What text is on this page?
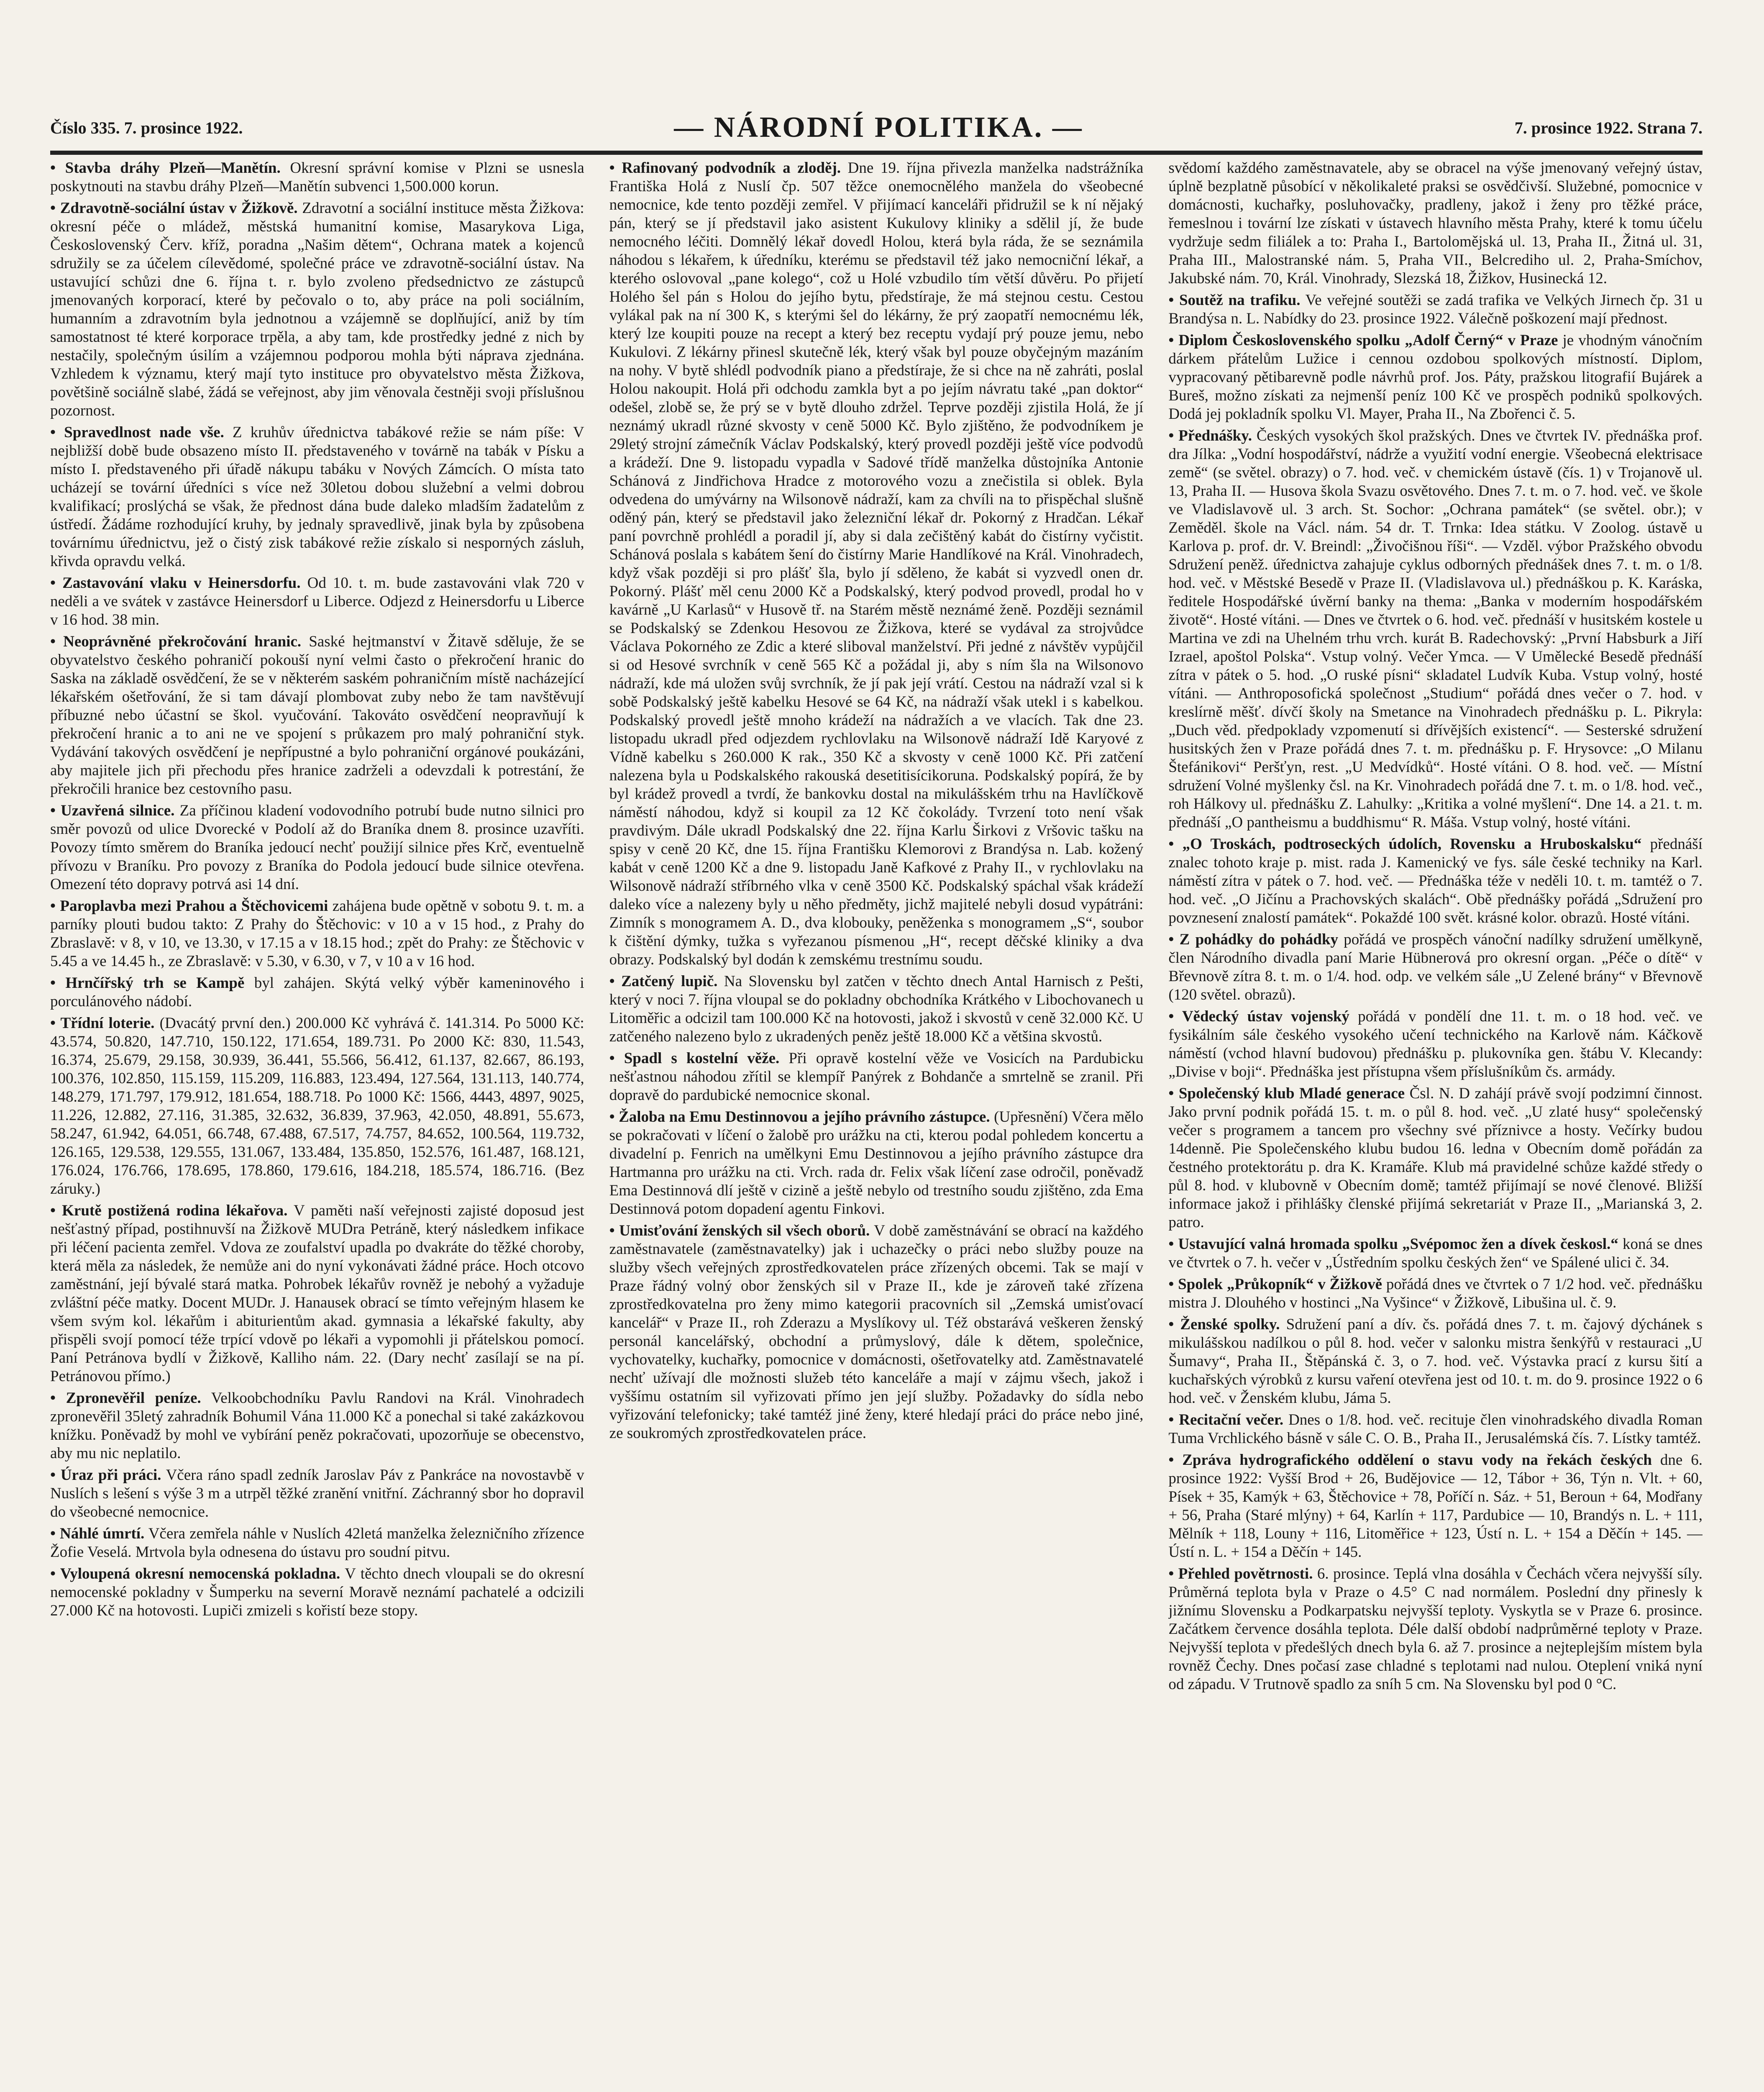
Číslo 335. 7. prosince 1922.	— NÁRODNÍ POLITIKA. —	7. prosince 1922. Strana 7.

• Stavba dráhy Plzeň—Manětín. Okresní správní komise v Plzni se usnesla poskytnouti na stavbu dráhy Plzeň—Manětín subvenci 1,500.000 korun.

• Zdravotně-sociální ústav v Žižkově. Zdravotní a sociální instituce města Žižkova: okresní péče o mládež, městská humanitní komise, Masarykova Liga, Československý Červ. kříž, poradna „Našim dětem“, Ochrana matek a kojenců sdružily se za účelem cílevědomé, společné práce ve zdravotně-sociální ústav. Na ustavující schůzi dne 6. října t. r. bylo zvoleno předsednictvo ze zástupců jmenovaných korporací, které by pečovalo o to, aby práce na poli sociálním, humanním a zdravotním byla jednotnou a vzájemně se doplňující, aniž by tím samostatnost té které korporace trpěla, a aby tam, kde prostředky jedné z nich by nestačily, společným úsilím a vzájemnou podporou mohla býti náprava zjednána. Vzhledem k významu, který mají tyto instituce pro obyvatelstvo města Žižkova, povětšině sociálně slabé, žádá se veřejnost, aby jim věnovala čestněji svoji příslušnou pozornost.

• Spravedlnost nade vše. Z kruhův úřednictva tabákové režie se nám píše: V nejbližší době bude obsazeno místo II. představeného v továrně na tabák v Písku a místo I. představeného při úřadě nákupu tabáku v Nových Zámcích. O místa tato ucházejí se tovární úředníci s více než 30letou dobou služební a velmi dobrou kvalifikací; proslýchá se však, že přednost dána bude daleko mladším žadatelům z ústředí. Žádáme rozhodující kruhy, by jednaly spravedlivě, jinak byla by způsobena továrnímu úřednictvu, jež o čistý zisk tabákové režie získalo si nesporných zásluh, křivda opravdu velká.

• Zastavování vlaku v Heinersdorfu. Od 10. t. m. bude zastavováni vlak 720 v neděli a ve svátek v zastávce Heinersdorf u Liberce. Odjezd z Heinersdorfu u Liberce v 16 hod. 38 min.

• Neoprávněné překročování hranic. Saské hejtmanství v Žitavě sděluje, že se obyvatelstvo českého pohraničí pokouší nyní velmi často o překročení hranic do Saska na základě osvědčení, že se v některém saském pohraničním místě nacházející lékařském ošetřování, že si tam dávají plombovat zuby nebo že tam navštěvují příbuzné nebo účastní se škol. vyučování. Takováto osvědčení neopravňují k překročení hranic a to ani ne ve spojení s průkazem pro malý pohraniční styk. Vydávání takových osvědčení je nepřípustné a bylo pohraniční orgánové poukázáni, aby majitele jich při přechodu přes hranice zadrželi a odevzdali k potrestání, že překročili hranice bez cestovního pasu.

• Uzavřená silnice. Za příčinou kladení vodovodního potrubí bude nutno silnici pro směr povozů od ulice Dvorecké v Podolí až do Braníka dnem 8. prosince uzavříti. Povozy tímto směrem do Braníka jedoucí nechť použijí silnice přes Krč, eventuelně přívozu v Braníku. Pro povozy z Braníka do Podola jedoucí bude silnice otevřena. Omezení této dopravy potrvá asi 14 dní.

• Paroplavba mezi Prahou a Štěchovicemi zahájena bude opětně v sobotu 9. t. m. a parníky plouti budou takto: Z Prahy do Štěchovic: v 10 a v 15 hod., z Prahy do Zbraslavě: v 8, v 10, ve 13.30, v 17.15 a v 18.15 hod.; zpět do Prahy: ze Štěchovic v 5.45 a ve 14.45 h., ze Zbraslavě: v 5.30, v 6.30, v 7, v 10 a v 16 hod.

• Hrnčířský trh se Kampě byl zahájen. Skýtá velký výběr kameninového i porculánového nádobí.

• Třídní loterie. (Dvacátý první den.) 200.000 Kč vyhrává č. 141.314. Po 5000 Kč: 43.574, 50.820, 147.710, 150.122, 171.654, 189.731. Po 2000 Kč: 830, 11.543, 16.374, 25.679, 29.158, 30.939, 36.441, 55.566, 56.412, 61.137, 82.667, 86.193, 100.376, 102.850, 115.159, 115.209, 116.883, 123.494, 127.564, 131.113, 140.774, 148.279, 171.797, 179.912, 181.654, 188.718. Po 1000 Kč: 1566, 4443, 4897, 9025, 11.226, 12.882, 27.116, 31.385, 32.632, 36.839, 37.963, 42.050, 48.891, 55.673, 58.247, 61.942, 64.051, 66.748, 67.488, 67.517, 74.757, 84.652, 100.564, 119.732, 126.165, 129.538, 129.555, 131.067, 133.484, 135.850, 152.576, 161.487, 168.121, 176.024, 176.766, 178.695, 178.860, 179.616, 184.218, 185.574, 186.716. (Bez záruky.)

• Krutě postižená rodina lékařova. V paměti naší veřejnosti zajisté doposud jest nešťastný případ, postihnuvší na Žižkově MUDra Petráně, který následkem infikace při léčení pacienta zemřel. Vdova ze zoufalství upadla po dvakráte do těžké choroby, která měla za následek, že nemůže ani do nyní vykonávati žádné práce. Hoch otcovo zaměstnání, její bývalé stará matka. Pohrobek lékařův rovněž je nebohý a vyžaduje zvláštní péče matky. Docent MUDr. J. Hanausek obrací se tímto veřejným hlasem ke všem svým kol. lékařům i abiturientům akad. gymnasia a lékařské fakulty, aby přispěli svojí pomocí téže trpící vdově po lékaři a vypomohli ji přátelskou pomocí. Paní Petránova bydlí v Žižkově, Kalliho nám. 22. (Dary nechť zasílají se na pí. Petránovou přímo.)

• Zpronevěřil peníze. Velkoobchodníku Pavlu Randovi na Král. Vinohradech zpronevěřil 35letý zahradník Bohumil Vána 11.000 Kč a ponechal si také zakázkovou knížku. Poněvadž by mohl ve vybírání peněz pokračovati, upozorňuje se obecenstvo, aby mu nic neplatilo.

• Úraz při práci. Včera ráno spadl zedník Jaroslav Páv z Pankráce na novostavbě v Nuslích s lešení s výše 3 m a utrpěl těžké zranění vnitřní. Záchranný sbor ho dopravil do všeobecné nemocnice.

• Náhlé úmrtí. Včera zemřela náhle v Nuslích 42letá manželka železničního zřízence Žofie Veselá. Mrtvola byla odnesena do ústavu pro soudní pitvu.

• Vyloupená okresní nemocenská pokladna. V těchto dnech vloupali se do okresní nemocenské pokladny v Šumperku na severní Moravě neznámí pachatelé a odcizili 27.000 Kč na hotovosti. Lupiči zmizeli s kořistí beze stopy.

• Rafinovaný podvodník a zloděj. Dne 19. října přivezla manželka nadstrážníka Františka Holá z Nuslí čp. 507 těžce onemocnělého manžela do všeobecné nemocnice, kde tento později zemřel. V přijímací kanceláři přidružil se k ní nějaký pán, který se jí představil jako asistent Kukulovy kliniky a sdělil jí, že bude nemocného léčiti. Domnělý lékař dovedl Holou, která byla ráda, že se seznámila náhodou s lékařem, k úředníku, kterému se představil též jako nemocniční lékař, a kterého oslovoval „pane kolego“, což u Holé vzbudilo tím větší důvěru. Po přijetí Holého šel pán s Holou do jejího bytu, předstíraje, že má stejnou cestu. Cestou vylákal pak na ní 300 K, s kterými šel do lékárny, že prý zaopatří nemocnému lék, který lze koupiti pouze na recept a který bez receptu vydají prý pouze jemu, nebo Kukulovi. Z lékárny přinesl skutečně lék, který však byl pouze obyčejným mazáním na nohy. V bytě shlédl podvodník piano a předstíraje, že si chce na ně zahráti, poslal Holou nakoupit. Holá při odchodu zamkla byt a po jejím návratu také „pan doktor“ odešel, zlobě se, že prý se v bytě dlouho zdržel. Teprve později zjistila Holá, že jí neznámý ukradl různé skvosty v ceně 5000 Kč. Bylo zjištěno, že podvodníkem je 29letý strojní zámečník Václav Podskalský, který provedl později ještě více podvodů a krádeží. Dne 9. listopadu vypadla v Sadové třídě manželka důstojníka Antonie Schánová z Jindřichova Hradce z motorového vozu a znečistila si oblek. Byla odvedena do umývárny na Wilsonově nádraží, kam za chvíli na to přispěchal slušně oděný pán, který se představil jako železniční lékař dr. Pokorný z Hradčan. Lékař paní povrchně prohlédl a poradil jí, aby si dala zečištěný kabát do čistírny vyčistit. Schánová poslala s kabátem šení do čistírny Marie Handlíkové na Král. Vinohradech, když však později si pro plášť šla, bylo jí sděleno, že kabát si vyzvedl onen dr. Pokorný. Plášť měl cenu 2000 Kč a Podskalský, který podvod provedl, prodal ho v kavárně „U Karlasů“ v Husově tř. na Starém městě neznámé ženě. Později seznámil se Podskalský se Zdenkou Hesovou ze Žižkova, které se vydával za strojvůdce Václava Pokorného ze Zdic a které sliboval manželství. Při jedné z návštěv vypůjčil si od Hesové svrchník v ceně 565 Kč a požádal ji, aby s ním šla na Wilsonovo nádraží, kde má uložen svůj svrchník, že jí pak její vrátí. Cestou na nádraží vzal si k sobě Podskalský ještě kabelku Hesové se 64 Kč, na nádraží však utekl i s kabelkou. Podskalský provedl ještě mnoho krádeží na nádražích a ve vlacích. Tak dne 23. listopadu ukradl před odjezdem rychlovlaku na Wilsonově nádraží Idě Karyové z Vídně kabelku s 260.000 K rak., 350 Kč a skvosty v ceně 1000 Kč. Při zatčení nalezena byla u Podskalského rakouská desetitisícikoruna. Podskalský popírá, že by byl krádež provedl a tvrdí, že bankovku dostal na mikulášském trhu na Havlíčkově náměstí náhodou, když si koupil za 12 Kč čokolády. Tvrzení toto není však pravdivým. Dále ukradl Podskalský dne 22. října Karlu Širkovi z Vršovic tašku na spisy v ceně 20 Kč, dne 15. října Františku Klemorovi z Brandýsa n. Lab. kožený kabát v ceně 1200 Kč a dne 9. listopadu Janě Kafkové z Prahy II., v rychlovlaku na Wilsonově nádraží stříbrného vlka v ceně 3500 Kč. Podskalský spáchal však krádeží daleko více a nalezeny byly u něho předměty, jichž majitelé nebyli dosud vypátráni: Zimník s monogramem A. D., dva klobouky, peněženka s monogramem „S“, soubor k čištění dýmky, tužka s vyřezanou písmenou „H“, recept děčské kliniky a dva obrazy. Podskalský byl dodán k zemskému trestnímu soudu.

• Zatčený lupič. Na Slovensku byl zatčen v těchto dnech Antal Harnisch z Pešti, který v noci 7. října vloupal se do pokladny obchodníka Krátkého v Libochovanech u Litoměřic a odcizil tam 100.000 Kč na hotovosti, jakož i skvostů v ceně 32.000 Kč. U zatčeného nalezeno bylo z ukradených peněz ještě 18.000 Kč a většina skvostů.

• Spadl s kostelní věže. Při opravě kostelní věže ve Vosicích na Pardubicku nešťastnou náhodou zřítil se klempíř Panýrek z Bohdanče a smrtelně se zranil. Při dopravě do pardubické nemocnice skonal.

• Žaloba na Emu Destinnovou a jejího právního zástupce. (Upřesnění) Včera mělo se pokračovati v líčení o žalobě pro urážku na cti, kterou podal pohledem koncertu a divadelní p. Fenrich na umělkyni Emu Destinnovou a jejího právního zástupce dra Hartmanna pro urážku na cti. Vrch. rada dr. Felix však líčení zase odročil, poněvadž Ema Destinnová dlí ještě v cizině a ještě nebylo od trestního soudu zjištěno, zda Ema Destinnová potom dopadení agentu Finkovi.

• Umisťování ženských sil všech oborů. V době zaměstnávání se obrací na každého zaměstnavatele (zaměstnavatelky) jak i uchazečky o práci nebo služby pouze na služby všech veřejných zprostředkovatelen práce zřízených obcemi. Tak se mají v Praze řádný volný obor ženských sil v Praze II., kde je zároveň také zřízena zprostředkovatelna pro ženy mimo kategorii pracovních sil „Zemská umisťovací kancelář“ v Praze II., roh Zderazu a Myslíkovy ul. Též obstarává veškeren ženský personál kancelářský, obchodní a průmyslový, dále k dětem, společnice, vychovatelky, kuchařky, pomocnice v domácnosti, ošetřovatelky atd. Zaměstnavatelé nechť užívají dle možnosti služeb této kanceláře a mají v zájmu všech, jakož i vyššímu ostatním sil vyřizovati přímo jen její služby. Požadavky do sídla nebo vyřizování telefonicky; také tamtéž jiné ženy, které hledají práci do práce nebo jiné, ze soukromých zprostředkovatelen práce.

svědomí každého zaměstnavatele, aby se obracel na výše jmenovaný veřejný ústav, úplně bezplatně působící v několikaleté praksi se osvědčivší. Služebné, pomocnice v domácnosti, kuchařky, posluhovačky, pradleny, jakož i ženy pro těžké práce, řemeslnou i tovární lze získati v ústavech hlavního města Prahy, které k tomu účelu vydržuje sedm filiálek a to: Praha I., Bartolomějská ul. 13, Praha II., Žitná ul. 31, Praha III., Malostranské nám. 5, Praha VII., Belcrediho ul. 2, Praha-Smíchov, Jakubské nám. 70, Král. Vinohrady, Slezská 18, Žižkov, Husinecká 12.

• Soutěž na trafiku. Ve veřejné soutěži se zadá trafika ve Velkých Jirnech čp. 31 u Brandýsa n. L. Nabídky do 23. prosince 1922. Válečně poškození mají přednost.

• Diplom Československého spolku „Adolf Černý“ v Praze je vhodným vánočním dárkem přátelům Lužice i cennou ozdobou spolkových místností. Diplom, vypracovaný pětibarevně podle návrhů prof. Jos. Páty, pražskou litografií Bujárek a Bureš, možno získati za nejmenší peníz 100 Kč ve prospěch podniků spolkových. Dodá jej pokladník spolku Vl. Mayer, Praha II., Na Zbořenci č. 5.

• Přednášky. Českých vysokých škol pražských. Dnes ve čtvrtek IV. přednáška prof. dra Jílka: „Vodní hospodářství, nádrže a využití vodní energie. Všeobecná elektrisace země“ (se světel. obrazy) o 7. hod. več. v chemickém ústavě (čís. 1) v Trojanově ul. 13, Praha II. — Husova škola Svazu osvětového. Dnes 7. t. m. o 7. hod. več. ve škole ve Vladislavově ul. 3 arch. St. Sochor: „Ochrana památek“ (se světel. obr.); v Zeměděl. škole na Václ. nám. 54 dr. T. Trnka: Idea státku. V Zoolog. ústavě u Karlova p. prof. dr. V. Breindl: „Živočišnou říši“. — Vzděl. výbor Pražského obvodu Sdružení peněž. úřednictva zahajuje cyklus odborných přednášek dnes 7. t. m. o 1/8. hod. več. v Městské Besedě v Praze II. (Vladislavova ul.) přednáškou p. K. Karáska, ředitele Hospodářské úvěrní banky na thema: „Banka v moderním hospodářském životě“. Hosté vítáni. — Dnes ve čtvrtek o 6. hod. več. přednáší v husitském kostele u Martina ve zdi na Uhelném trhu vrch. kurát B. Radechovský: „První Habsburk a Jiří Izrael, apoštol Polska“. Vstup volný. Večer Ymca. — V Umělecké Besedě přednáší zítra v pátek o 5. hod. „O ruské písni“ skladatel Ludvík Kuba. Vstup volný, hosté vítáni. — Anthroposofická společnost „Studium“ pořádá dnes večer o 7. hod. v kreslírně měšť. dívčí školy na Smetance na Vinohradech přednášku p. L. Pikryla: „Duch věd. předpoklady vzpomenutí si dřívějších existencí“. — Sesterské sdružení husitských žen v Praze pořádá dnes 7. t. m. přednášku p. F. Hrysovce: „O Milanu Štefánikovi“ Peršťyn, rest. „U Medvídků“. Hosté vítáni. O 8. hod. več. — Místní sdružení Volné myšlenky čsl. na Kr. Vinohradech pořádá dne 7. t. m. o 1/8. hod. več., roh Hálkovy ul. přednášku Z. Lahulky: „Kritika a volné myšlení“. Dne 14. a 21. t. m. přednáší „O pantheismu a buddhismu“ R. Máša. Vstup volný, hosté vítáni.

• „O Troskách, podtroseckých údolích, Rovensku a Hruboskalsku“ přednáší znalec tohoto kraje p. mist. rada J. Kamenický ve fys. sále české techniky na Karl. náměstí zítra v pátek o 7. hod. več. — Přednáška téže v neděli 10. t. m. tamtéž o 7. hod. več. „O Jičínu a Prachovských skalách“. Obě přednášky pořádá „Sdružení pro povznesení znalostí památek“. Pokaždé 100 svět. krásné kolor. obrazů. Hosté vítáni.

• Z pohádky do pohádky pořádá ve prospěch vánoční nadílky sdružení umělkyně, člen Národního divadla paní Marie Hübnerová pro okresní organ. „Péče o dítě“ v Břevnově zítra 8. t. m. o 1/4. hod. odp. ve velkém sále „U Zelené brány“ v Břevnově (120 světel. obrazů).

• Vědecký ústav vojenský pořádá v pondělí dne 11. t. m. o 18 hod. več. ve fysikálním sále českého vysokého učení technického na Karlově nám. Káčkově náměstí (vchod hlavní budovou) přednášku p. plukovníka gen. štábu V. Klecandy: „Divise v boji“. Přednáška jest přístupna všem příslušníkům čs. armády.

• Společenský klub Mladé generace Čsl. N. D zahájí právě svojí podzimní činnost. Jako první podnik pořádá 15. t. m. o půl 8. hod. več. „U zlaté husy“ společenský večer s programem a tancem pro všechny své příznivce a hosty. Večírky budou 14denně. Pie Společenského klubu budou 16. ledna v Obecním domě pořádán za čestného protektorátu p. dra K. Kramáře. Klub má pravidelné schůze každé středy o půl 8. hod. v klubovně v Obecním domě; tamtéž přijímají se nové členové. Bližší informace jakož i přihlášky členské přijímá sekretariát v Praze II., „Marianská 3, 2. patro.

• Ustavující valná hromada spolku „Svépomoc žen a dívek českosl.“ koná se dnes ve čtvrtek o 7. h. večer v „Ústředním spolku českých žen“ ve Spálené ulici č. 34.

• Spolek „Průkopník“ v Žižkově pořádá dnes ve čtvrtek o 7 1/2 hod. več. přednášku mistra J. Dlouhého v hostinci „Na Vyšince“ v Žižkově, Libušina ul. č. 9.

• Ženské spolky. Sdružení paní a dív. čs. pořádá dnes 7. t. m. čajový dýchánek s mikulášskou nadílkou o půl 8. hod. večer v salonku mistra šenkýřů v restauraci „U Šumavy“, Praha II., Štěpánská č. 3, o 7. hod. več. Výstavka prací z kursu šití a kuchařských výrobků z kursu vaření otevřena jest od 10. t. m. do 9. prosince 1922 o 6 hod. več. v Ženském klubu, Jáma 5.

• Recitační večer. Dnes o 1/8. hod. več. recituje člen vinohradského divadla Roman Tuma Vrchlického básně v sále C. O. B., Praha II., Jerusalémská čís. 7. Lístky tamtéž.

• Zpráva hydrografického oddělení o stavu vody na řekách českých dne 6. prosince 1922: Vyšší Brod + 26, Budějovice — 12, Tábor + 36, Týn n. Vlt. + 60, Písek + 35, Kamýk + 63, Štěchovice + 78, Poříčí n. Sáz. + 51, Beroun + 64, Modřany + 56, Praha (Staré mlýny) + 64, Karlín + 117, Pardubice — 10, Brandýs n. L. + 111, Mělník + 118, Louny + 116, Litoměřice + 123, Ústí n. L. + 154 a Děčín + 145. — Ústí n. L. + 154 a Děčín + 145.

• Přehled povětrnosti. 6. prosince. Teplá vlna dosáhla v Čechách včera nejvyšší síly. Průměrná teplota byla v Praze o 4.5° C nad normálem. Poslední dny přinesly k jižnímu Slovensku a Podkarpatsku nejvyšší teploty. Vyskytla se v Praze 6. prosince. Začátkem července dosáhla teplota. Déle další období nadprůměrné teploty v Praze. Nejvyšší teplota v předešlých dnech byla 6. až 7. prosince a nejteplejším místem byla rovněž Čechy. Dnes počasí zase chladné s teplotami nad nulou. Oteplení vniká nyní od západu. V Trutnově spadlo za sníh 5 cm. Na Slovensku byl pod 0 °C.
